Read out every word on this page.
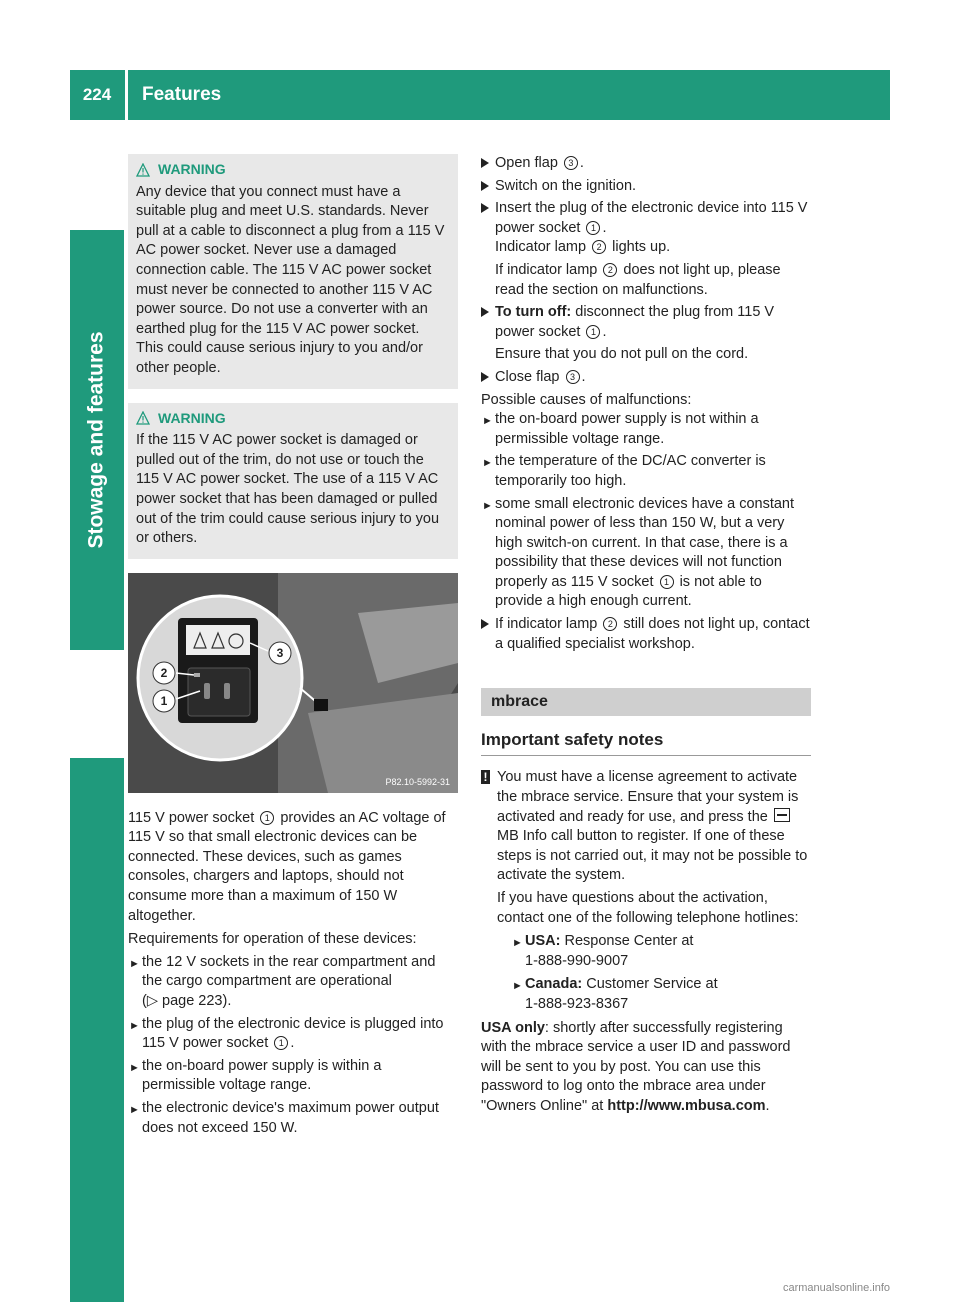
Stowage and features
224	Features
WARNING

Any device that you connect must have a suitable plug and meet U.S. standards. Never pull at a cable to disconnect a plug from a 115 V AC power socket. Never use a damaged connection cable. The 115 V AC power socket must never be connected to another 115 V AC power source. Do not use a converter with an earthed plug for the 115 V AC power socket. This could cause serious injury to you and/or other people.

WARNING

If the 115 V AC power socket is damaged or pulled out of the trim, do not use or touch the 115 V AC power socket. The use of a 115 V AC power socket that has been damaged or pulled out of the trim could cause serious injury to you or others.

2
1
3
P82.10-5992-31

115 V power socket 1 provides an AC voltage of 115 V so that small electronic devices can be connected. These devices, such as games consoles, chargers and laptops, should not consume more than a maximum of 150 W altogether.

Requirements for operation of these devices:

► the 12 V sockets in the rear compartment and the cargo compartment are operational
(▷ page 223).
► the plug of the electronic device is plugged into 115 V power socket 1 .
► the on-board power supply is within a permissible voltage range.
► the electronic device's maximum power output does not exceed 150 W.
Open flap 3 .
Switch on the ignition.
Insert the plug of the electronic device into 115 V power socket 1 .
Indicator lamp 2 lights up.

If indicator lamp 2 does not light up, please read the section on malfunctions.

To turn off: disconnect the plug from 115 V power socket 1 .

Ensure that you do not pull on the cord.

Close flap 3 .

Possible causes of malfunctions:

► the on-board power supply is not within a permissible voltage range.
► the temperature of the DC/AC converter is temporarily too high.
► some small electronic devices have a constant nominal power of less than 150 W, but a very high switch-on current. In that case, there is a possibility that these devices will not function properly as 115 V socket 1 is not able to provide a high enough current.
If indicator lamp 2 still does not light up, contact a qualified specialist workshop.
mbrace
Important safety notes
! You must have a license agreement to activate the mbrace service. Ensure that your system is activated and ready for use, and press the  MB Info call button to register. If one of these steps is not carried out, it may not be possible to activate the system.

If you have questions about the activation, contact one of the following telephone hotlines:

► USA: Response Center at
1-888-990-9007
► Canada: Customer Service at
1-888-923-8367

USA only: shortly after successfully registering with the mbrace service a user ID and password will be sent to you by post. You can use this password to log onto the mbrace area under "Owners Online" at http://www.mbusa.com.

carmanualsonline.info
